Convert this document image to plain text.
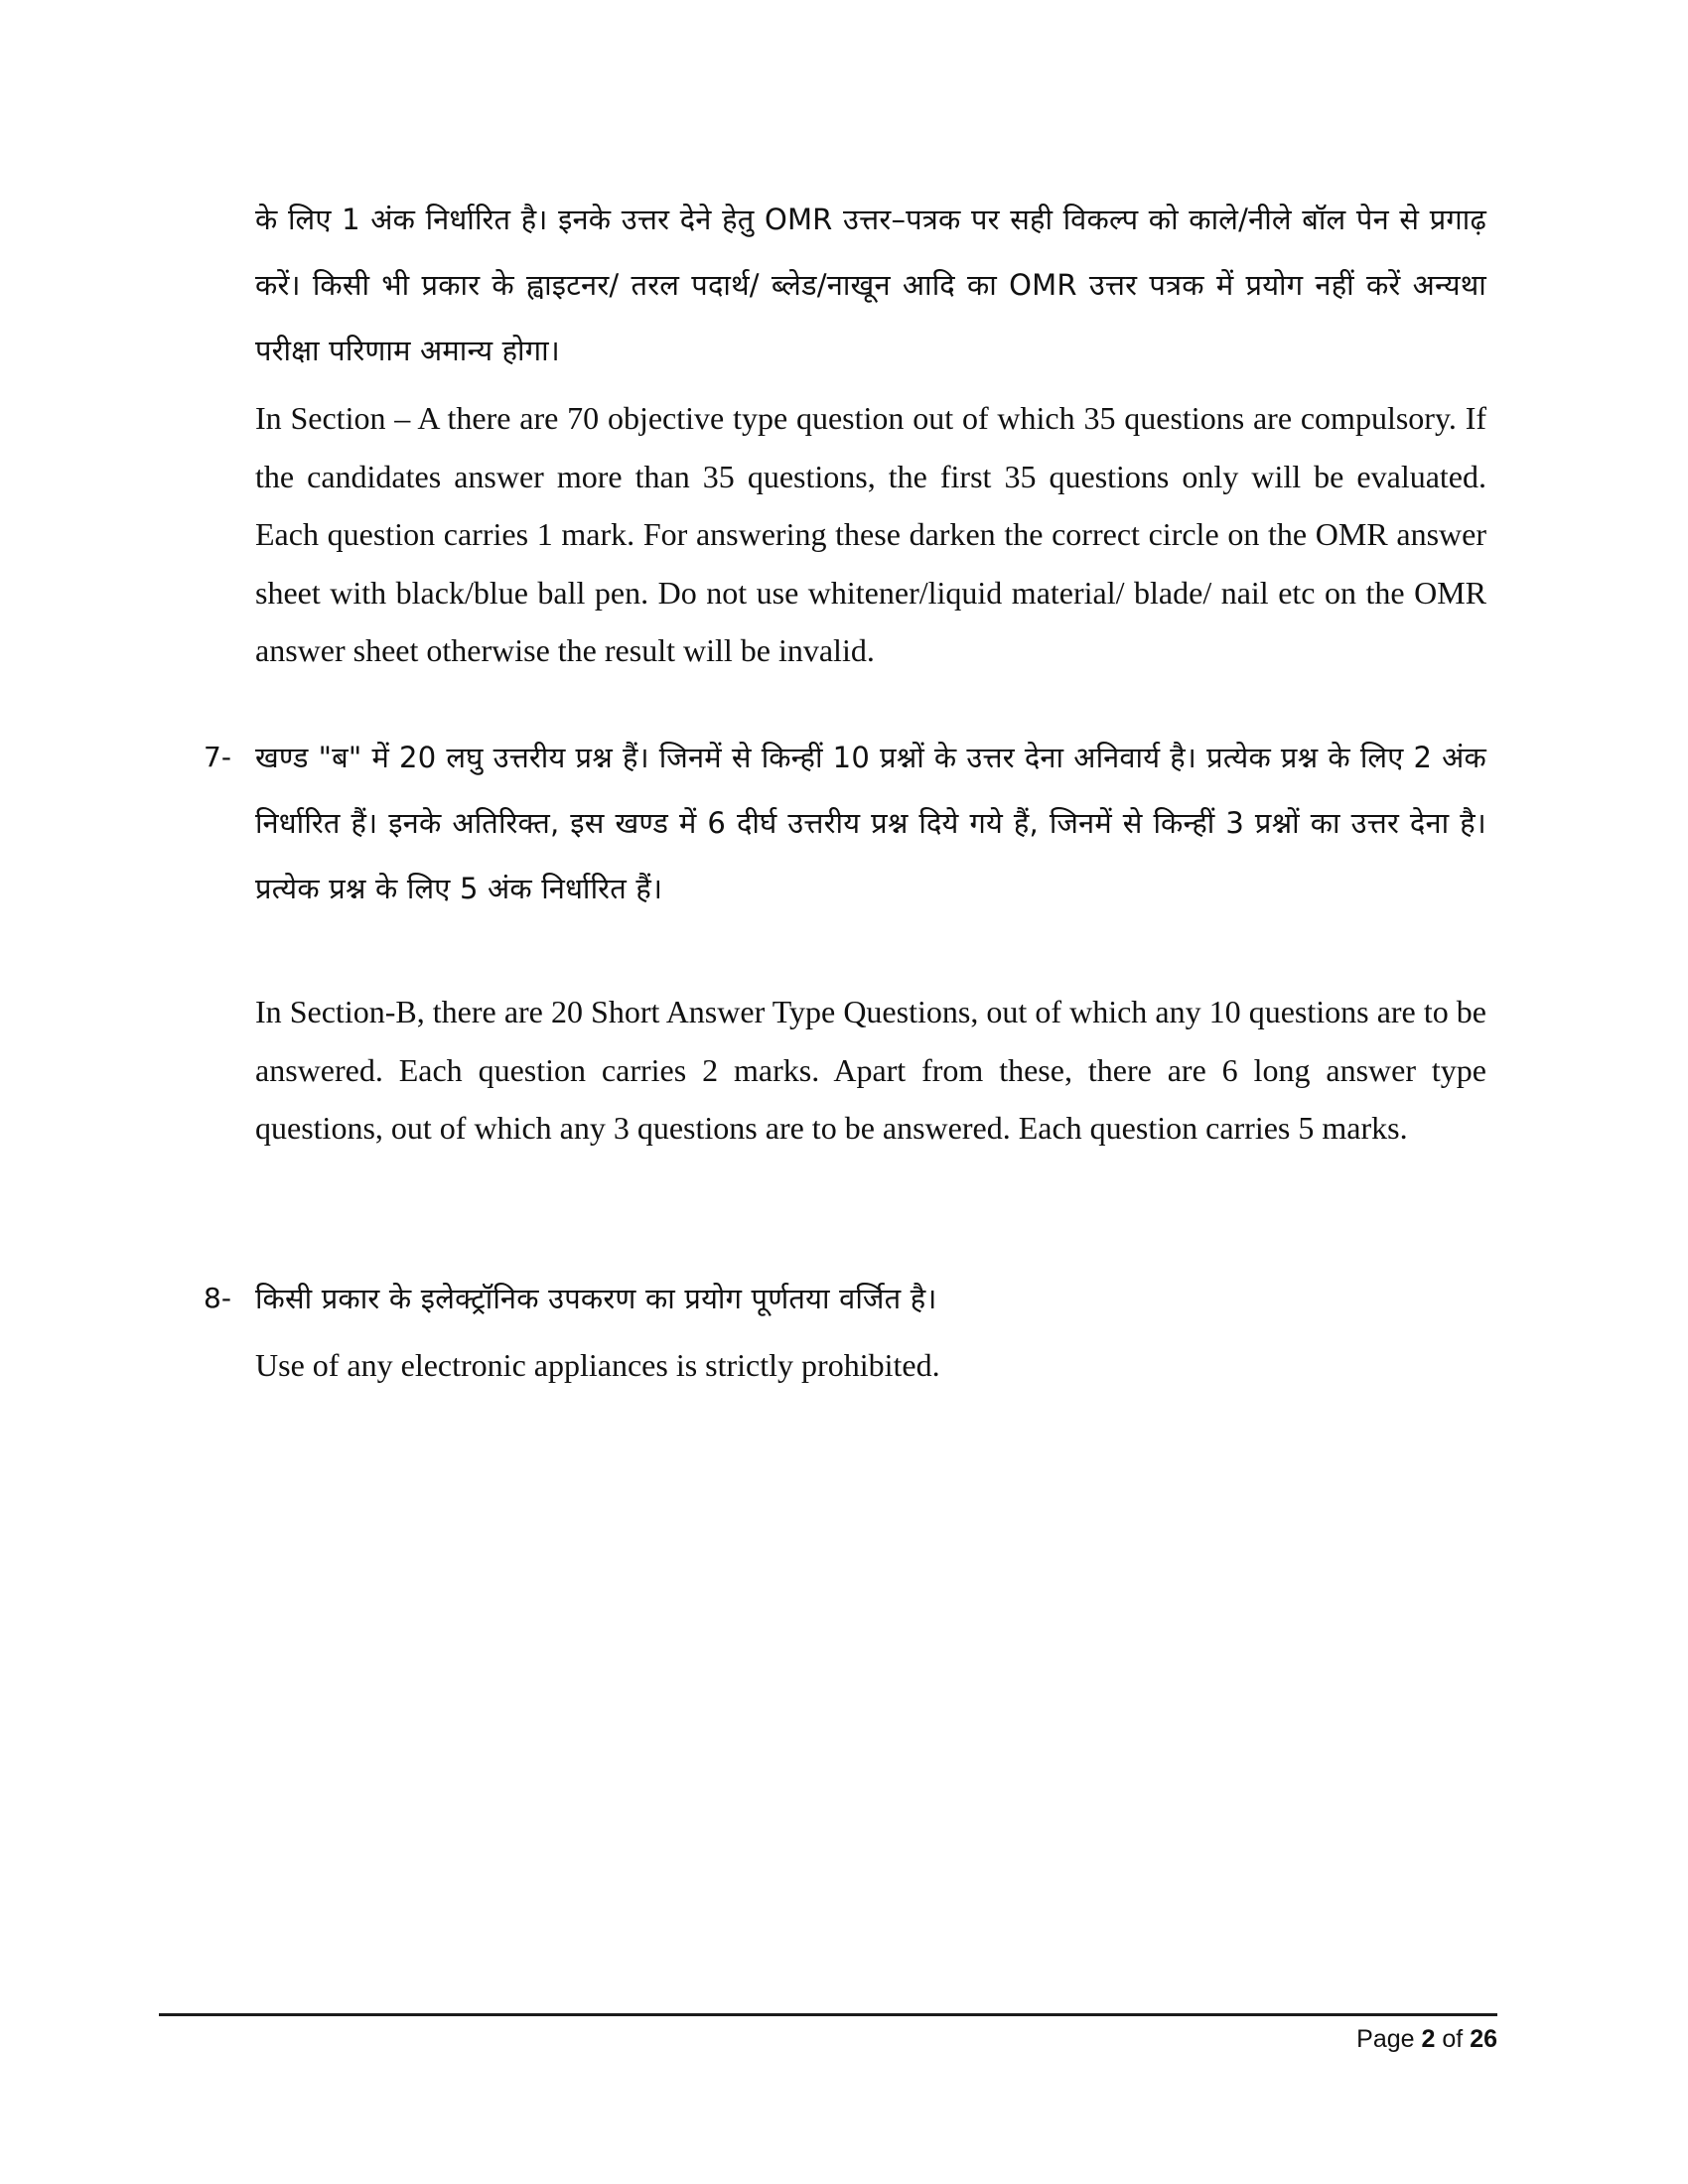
के लिए 1 अंक निर्धारित है। इनके उत्तर देने हेतु OMR उत्तर–पत्रक पर सही विकल्प को काले/नीले बॉल पेन से प्रगाढ़ करें। किसी भी प्रकार के ह्वाइटनर/ तरल पदार्थ/ ब्लेड/नाखून आदि का OMR उत्तर पत्रक में प्रयोग नहीं करें अन्यथा परीक्षा परिणाम अमान्य होगा।
In Section – A there are 70 objective type question out of which 35 questions are compulsory. If the candidates answer more than 35 questions, the first 35 questions only will be evaluated. Each question carries 1 mark. For answering these darken the correct circle on the OMR answer sheet with black/blue ball pen. Do not use whitener/liquid material/ blade/ nail etc on the OMR answer sheet otherwise the result will be invalid.
7- खण्ड "ब" में 20 लघु उत्तरीय प्रश्न हैं। जिनमें से किन्हीं 10 प्रश्नों के उत्तर देना अनिवार्य है। प्रत्येक प्रश्न के लिए 2 अंक निर्धारित हैं। इनके अतिरिक्त, इस खण्ड में 6 दीर्घ उत्तरीय प्रश्न दिये गये हैं, जिनमें से किन्हीं 3 प्रश्नों का उत्तर देना है। प्रत्येक प्रश्न के लिए 5 अंक निर्धारित हैं।
In Section-B, there are 20 Short Answer Type Questions, out of which any 10 questions are to be answered. Each question carries 2 marks. Apart from these, there are 6 long answer type questions, out of which any 3 questions are to be answered. Each question carries 5 marks.
8- किसी प्रकार के इलेक्ट्रॉनिक उपकरण का प्रयोग पूर्णतया वर्जित है।
Use of any electronic appliances is strictly prohibited.
Page 2 of 26
